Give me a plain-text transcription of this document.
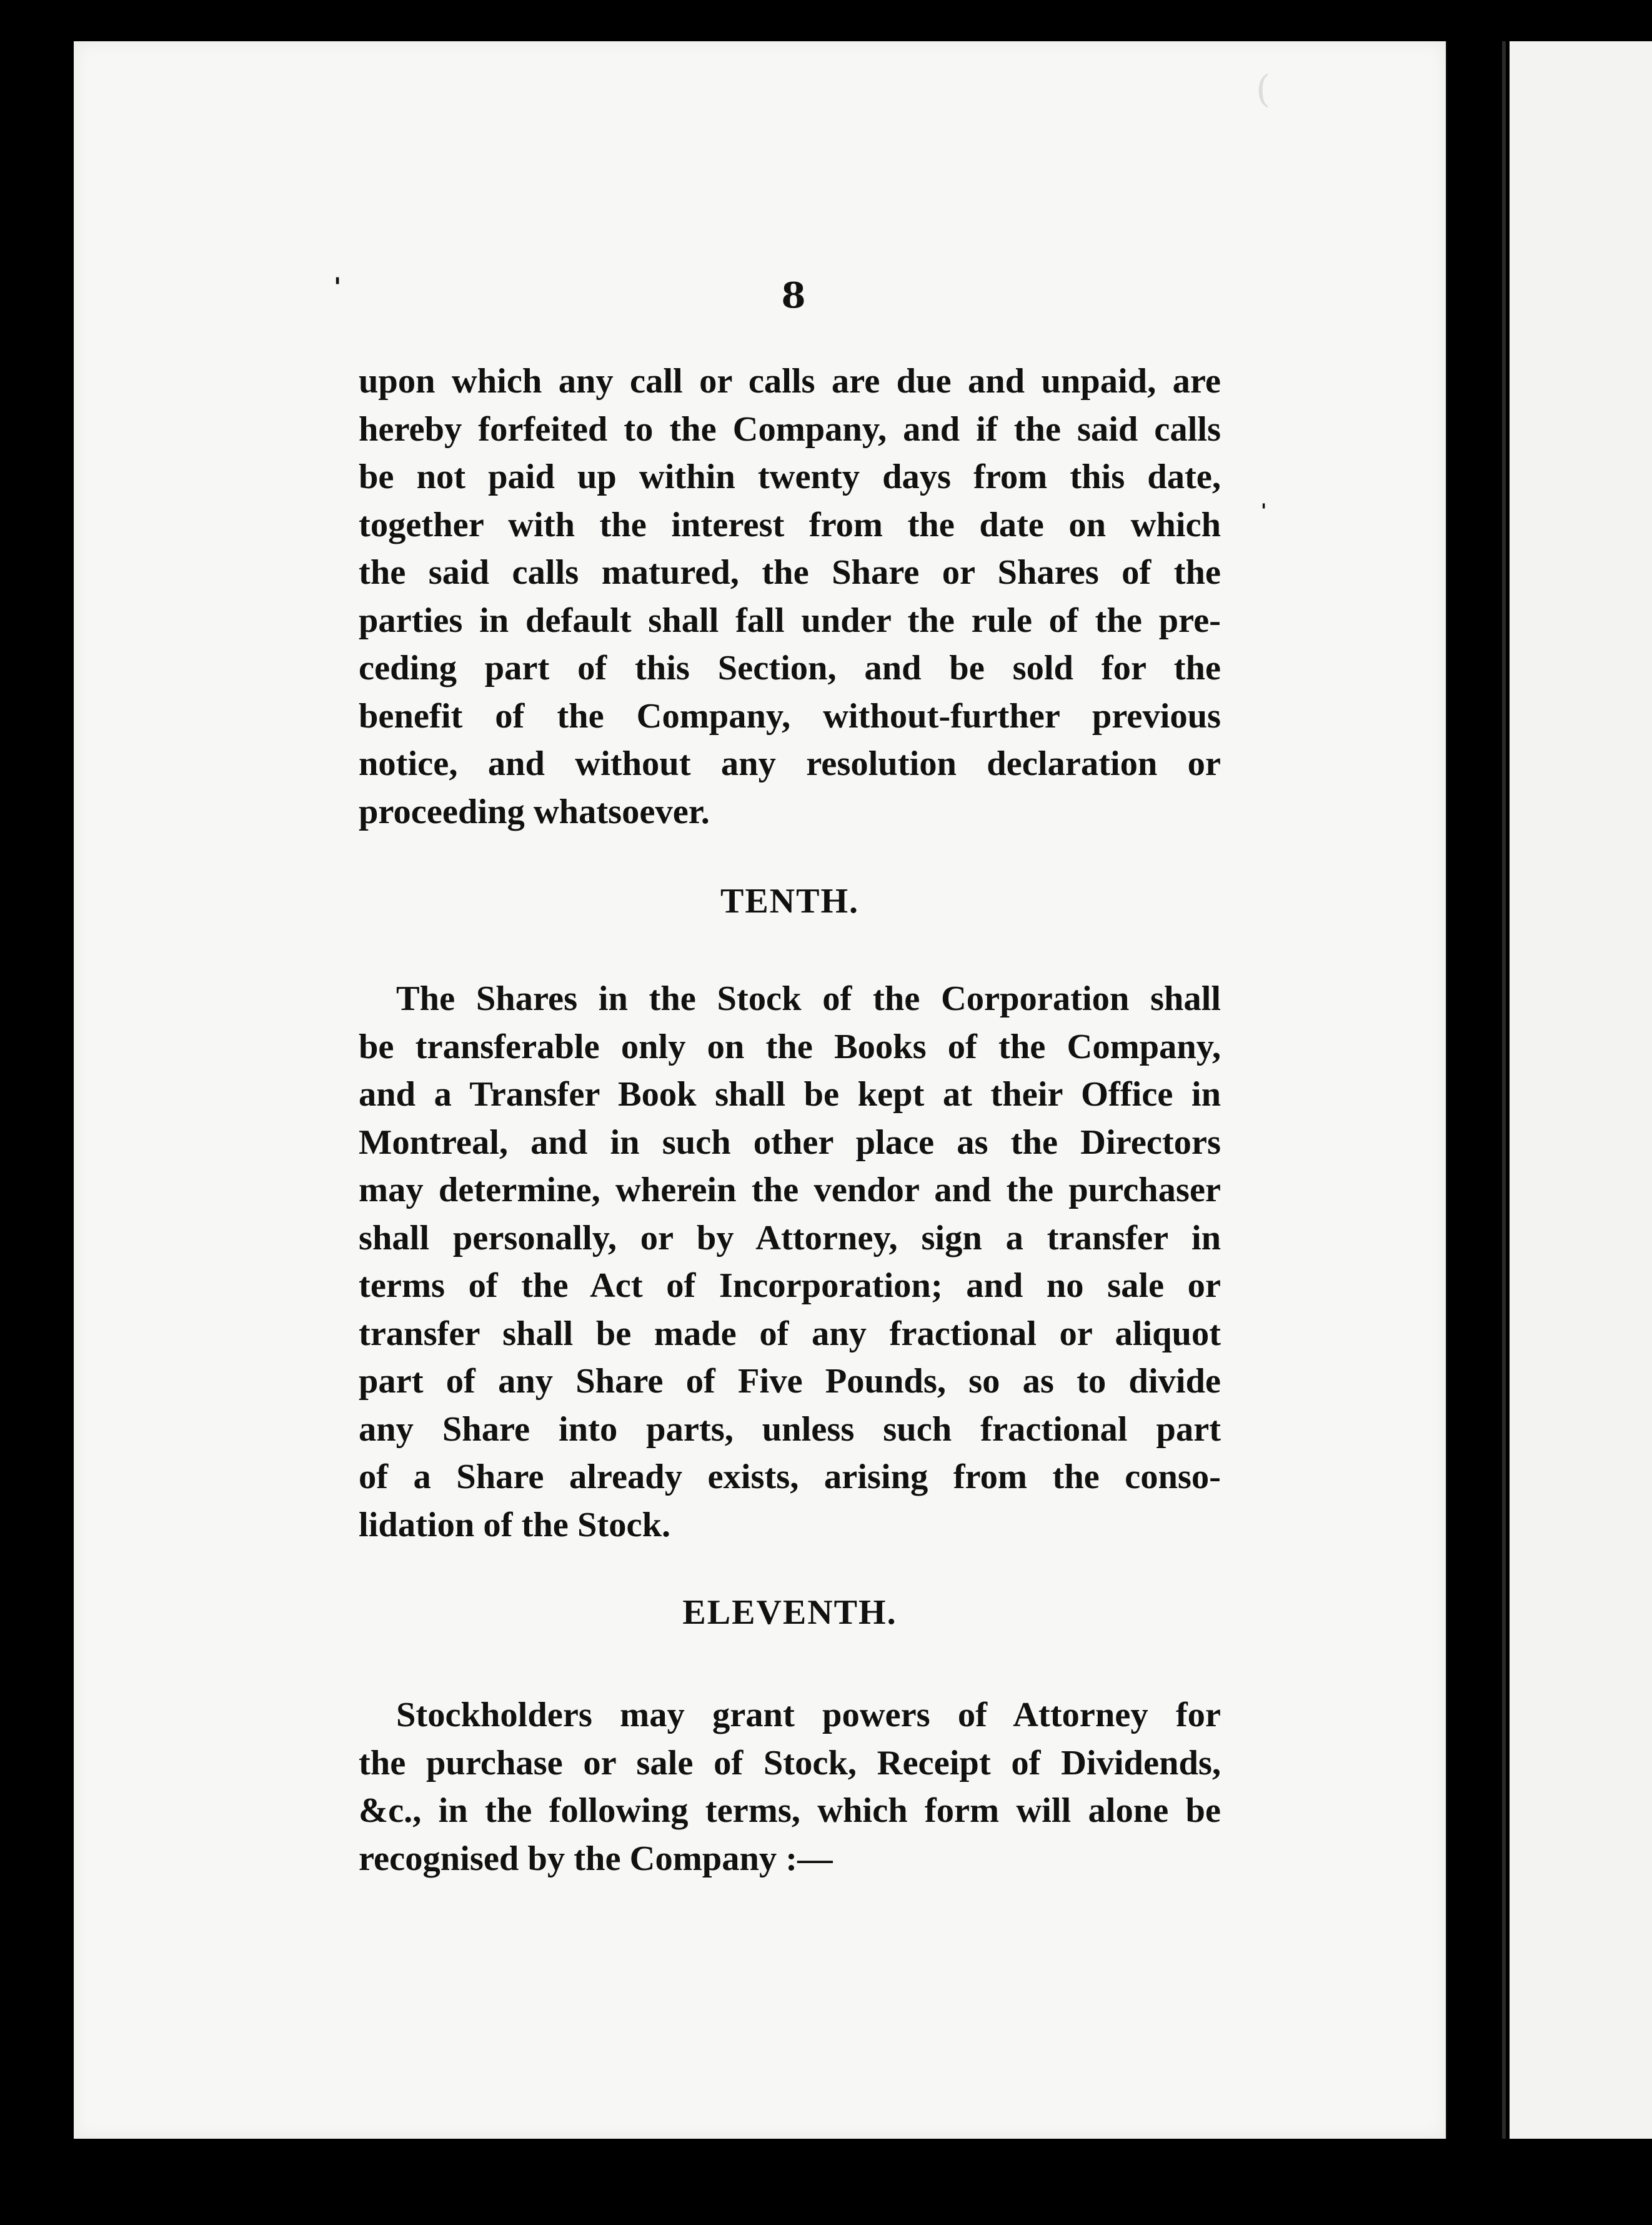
'
'
(
8
upon which any call or calls are due and unpaid, are
hereby forfeited to the Company, and if the said calls
be not paid up within twenty days from this date,
together with the interest from the date on which
the said calls matured, the Share or Shares of the
parties in default shall fall under the rule of the pre-
ceding part of this Section, and be sold for the
benefit of the Company, without-further previous
notice, and without any resolution declaration or
proceeding whatsoever.
TENTH.
The Shares in the Stock of the Corporation shall
be transferable only on the Books of the Company,
and a Transfer Book shall be kept at their Office in
Montreal, and in such other place as the Directors
may determine, wherein the vendor and the purchaser
shall personally, or by Attorney, sign a transfer in
terms of the Act of Incorporation; and no sale or
transfer shall be made of any fractional or aliquot
part of any Share of Five Pounds, so as to divide
any Share into parts, unless such fractional part
of a Share already exists, arising from the conso-
lidation of the Stock.
ELEVENTH.
Stockholders may grant powers of Attorney for
the purchase or sale of Stock, Receipt of Dividends,
&c., in the following terms, which form will alone be
recognised by the Company :—
